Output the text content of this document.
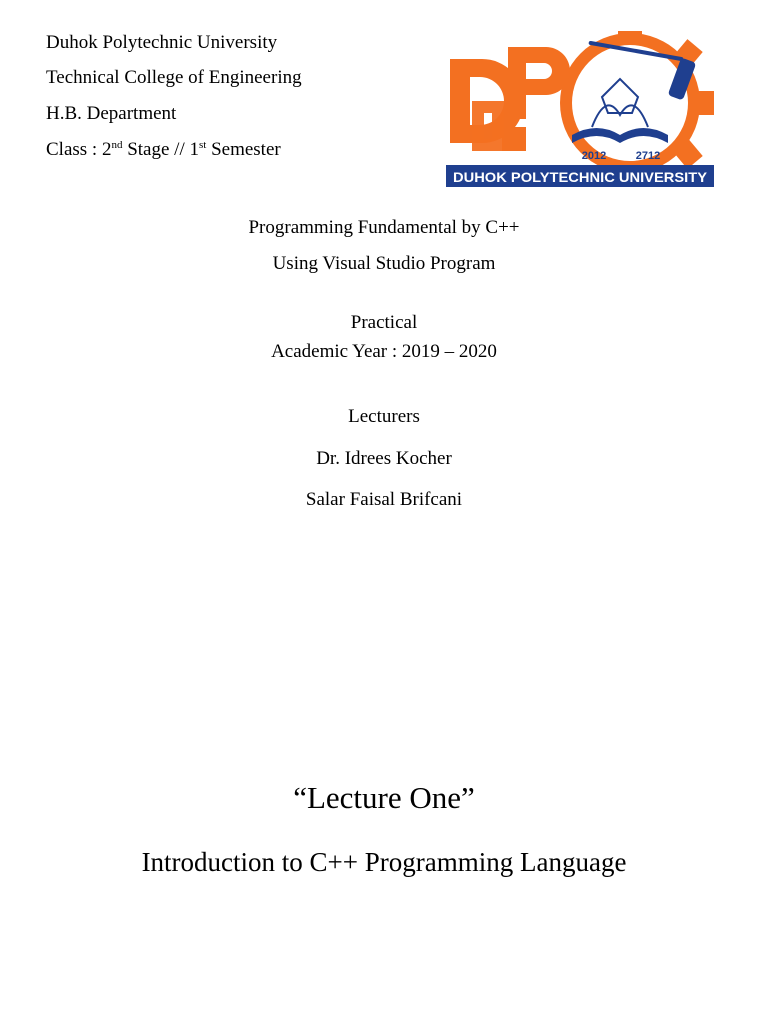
Duhok Polytechnic University
Technical College of Engineering
H.B. Department
Class : 2nd Stage // 1st Semester	2012	2712
DUHOK POLYTECHNIC UNIVERSITY
Programming Fundamental by C++
Using Visual Studio Program
Practical
Academic Year : 2019 – 2020
Lecturers
Dr. Idrees Kocher
Salar Faisal Brifcani
“Lecture One”
Introduction to C++ Programming Language
